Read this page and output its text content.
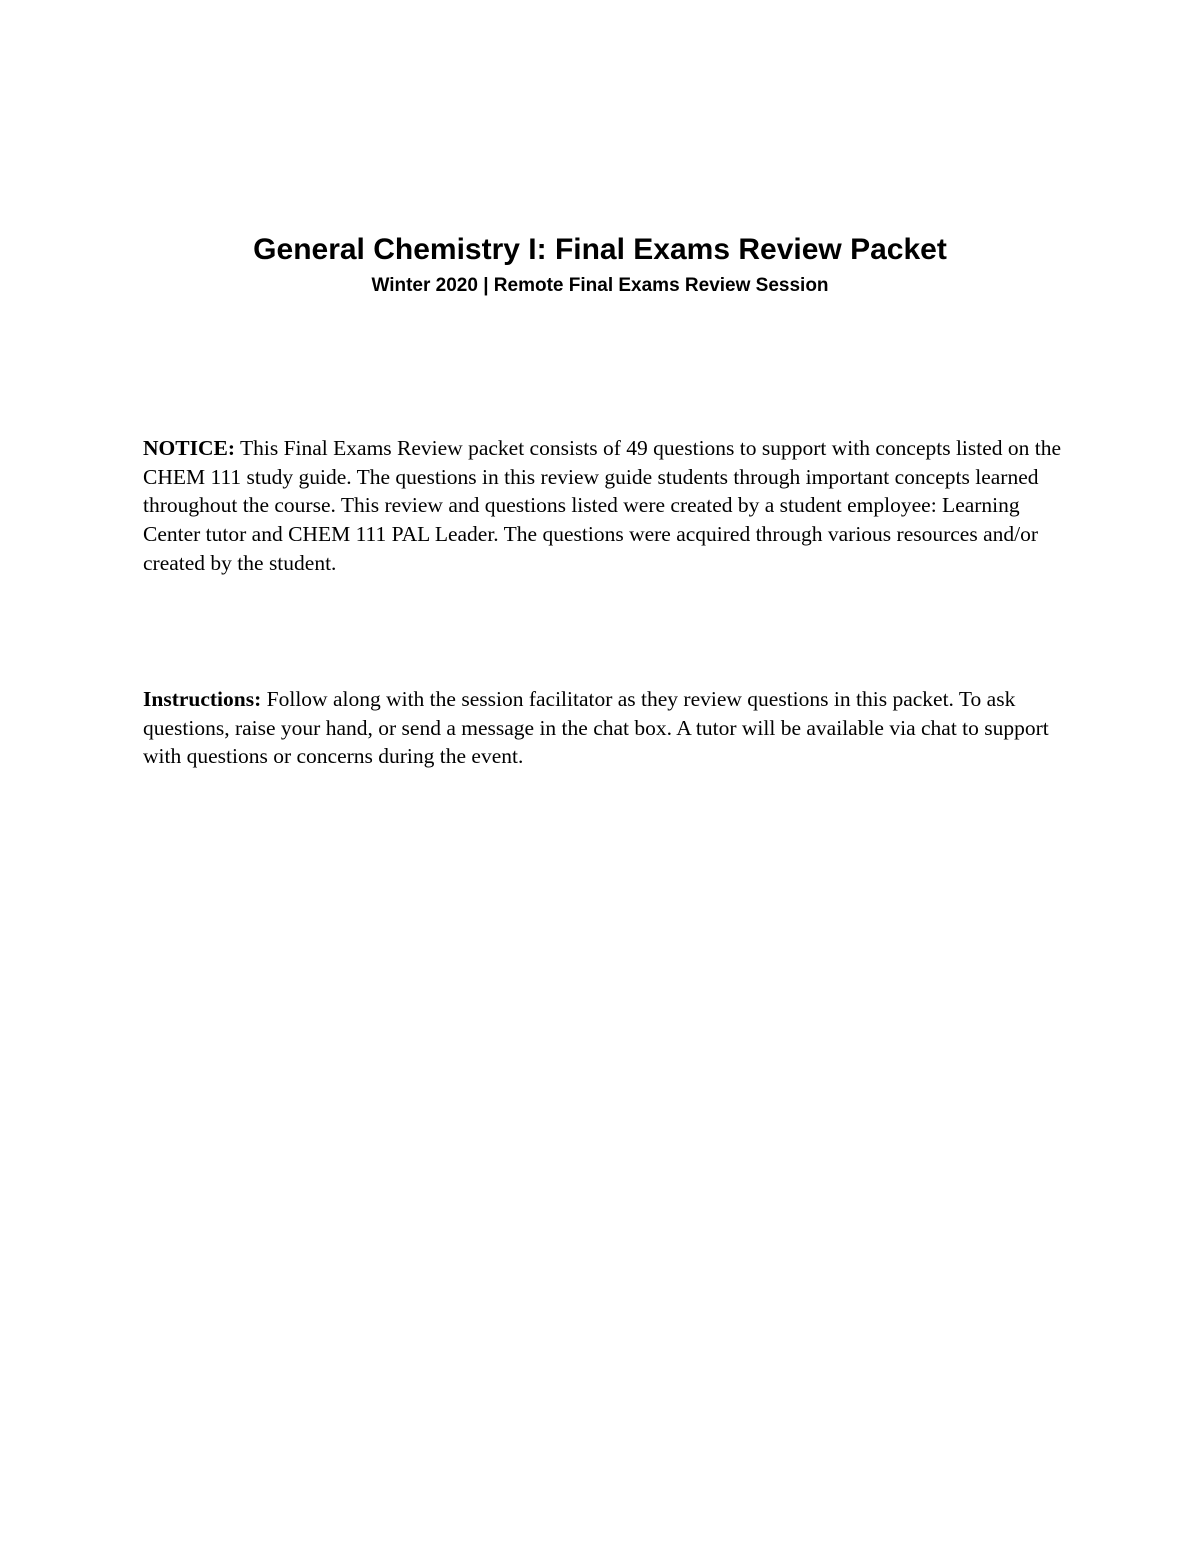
General Chemistry I: Final Exams Review Packet
Winter 2020 | Remote Final Exams Review Session

NOTICE: This Final Exams Review packet consists of 49 questions to support with concepts listed on the CHEM 111 study guide. The questions in this review guide students through important concepts learned throughout the course. This review and questions listed were created by a student employee: Learning Center tutor and CHEM 111 PAL Leader. The questions were acquired through various resources and/or created by the student.

Instructions: Follow along with the session facilitator as they review questions in this packet. To ask questions, raise your hand, or send a message in the chat box. A tutor will be available via chat to support with questions or concerns during the event.
